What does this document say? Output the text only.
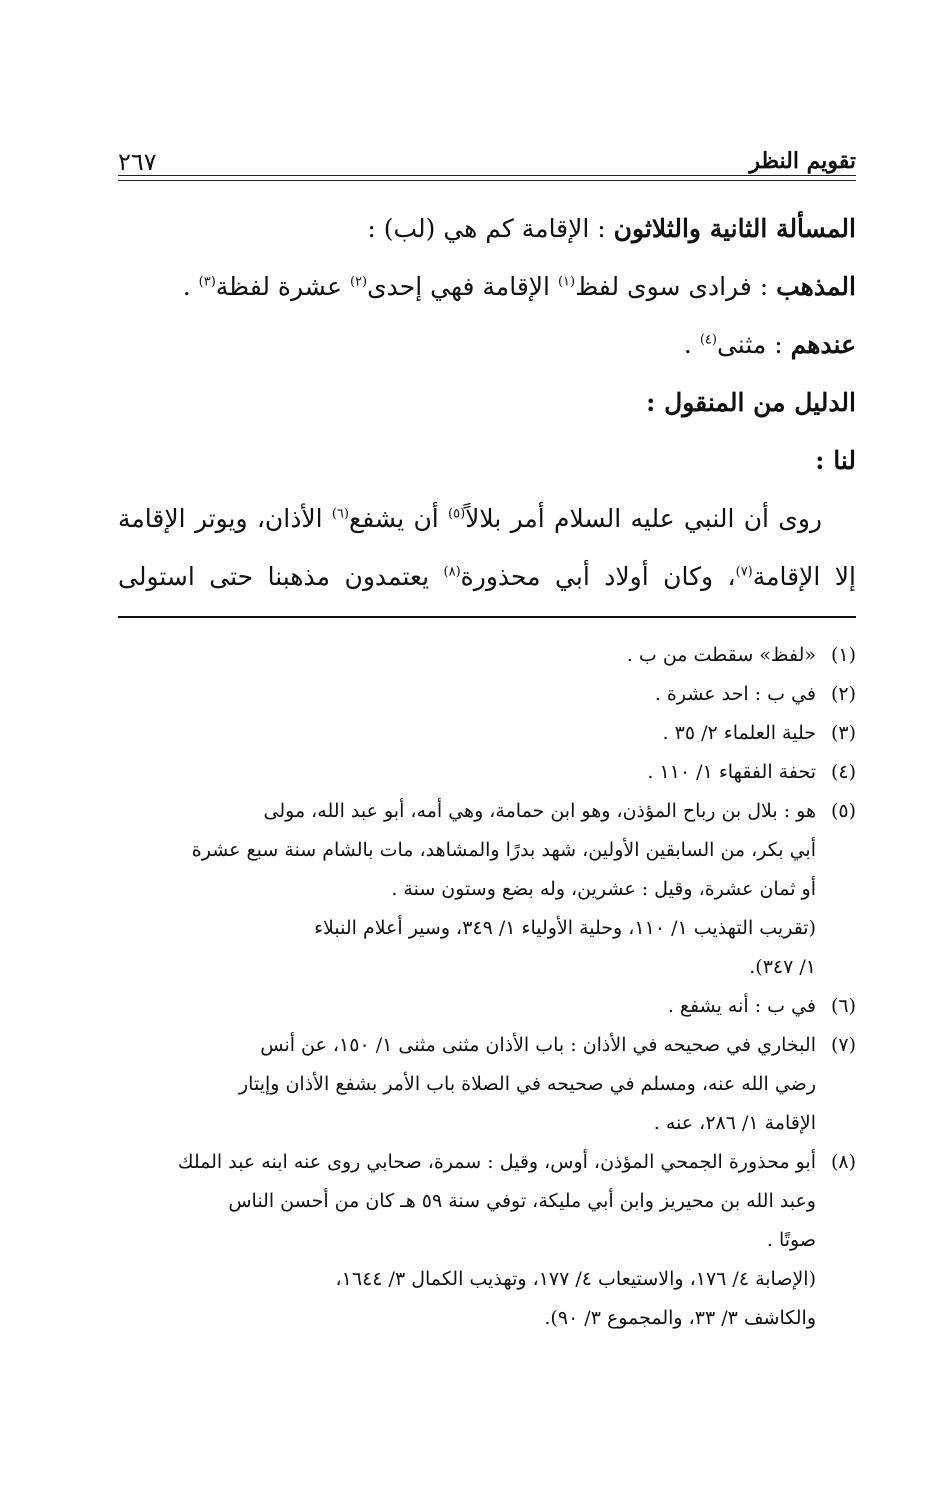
تقويم النظر
٢٦٧

المسألة الثانية والثلاثون : الإقامة كم هي (لب) :

المذهب : فرادى سوى لفظ$^{(١)}$ الإقامة فهي إحدى$^{(٢)}$ عشرة لفظة$^{(٣)}$ .

عندهم : مثنى$^{(٤)}$ .

الدليل من المنقول :

لنا :

روى أن النبي عليه السلام أمر بلالاً$^{(٥)}$ أن يشفع$^{(٦)}$ الأذان، ويوتر الإقامة

إلا الإقامة$^{(٧)}$، وكان أولاد أبي محذورة$^{(٨)}$ يعتمدون مذهبنا حتى استولى

(١)
«لفظ» سقطت من ب .
(٢)
في ب : احد عشرة .
(٣)
حلية العلماء ٢/ ٣٥ .
(٤)
تحفة الفقهاء ١/ ١١٠ .
(٥)
هو : بلال بن رباح المؤذن، وهو ابن حمامة، وهي أمه، أبو عبد الله، مولى
أبي بكر، من السابقين الأولين، شهد بدرًا والمشاهد، مات بالشام سنة سبع عشرة
أو ثمان عشرة، وقيل : عشرين، وله بضع وستون سنة .
(تقريب التهذيب ١/ ١١٠، وحلية الأولياء ١/ ٣٤٩، وسير أعلام النبلاء
١/ ٣٤٧).
(٦)
في ب : أنه يشفع .
(٧)
البخاري في صحيحه في الأذان : باب الأذان مثنى مثنى ١/ ١٥٠، عن أنس
رضي الله عنه، ومسلم في صحيحه في الصلاة باب الأمر بشفع الأذان وإيتار
الإقامة ١/ ٢٨٦، عنه .
(٨)
أبو محذورة الجمحي المؤذن، أوس، وقيل : سمرة، صحابي روى عنه ابنه عبد الملك
وعبد الله بن محيريز وابن أبي مليكة، توفي سنة ٥٩ هـ كان من أحسن الناس
صوتًا .
(الإصابة ٤/ ١٧٦، والاستيعاب ٤/ ١٧٧، وتهذيب الكمال ٣/ ١٦٤٤،
والكاشف ٣/ ٣٣، والمجموع ٣/ ٩٠).
